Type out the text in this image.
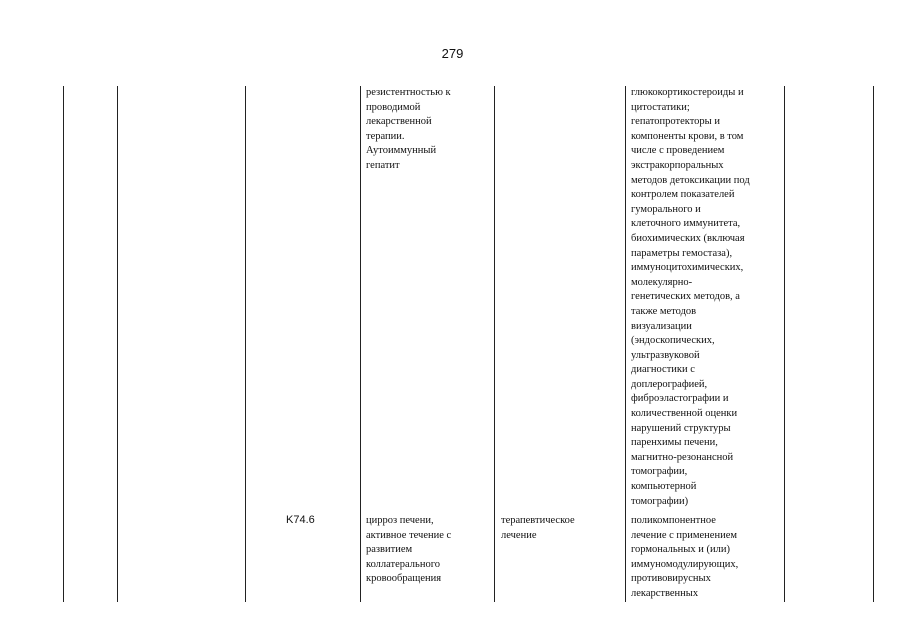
279
резистентностью к
проводимой
лекарственной
терапии.
Аутоиммунный
гепатит
глюкокортикостероиды и
цитостатики;
гепатопротекторы и
компоненты крови, в том
числе с проведением
экстракорпоральных
методов детоксикации под
контролем показателей
гуморального и
клеточного иммунитета,
биохимических (включая
параметры гемостаза),
иммуноцитохимических,
молекулярно-
генетических методов, а
также методов
визуализации
(эндоскопических,
ультразвуковой
диагностики с
доплерографией,
фиброэластографии и
количественной оценки
нарушений структуры
паренхимы печени,
магнитно-резонансной
томографии,
компьютерной
томографии)
K74.6	цирроз печени,
активное течение с
развитием
коллатерального
кровообращения
терапевтическое
лечение
поликомпонентное
лечение с применением
гормональных и (или)
иммуномодулирующих,
противовирусных
лекарственных
